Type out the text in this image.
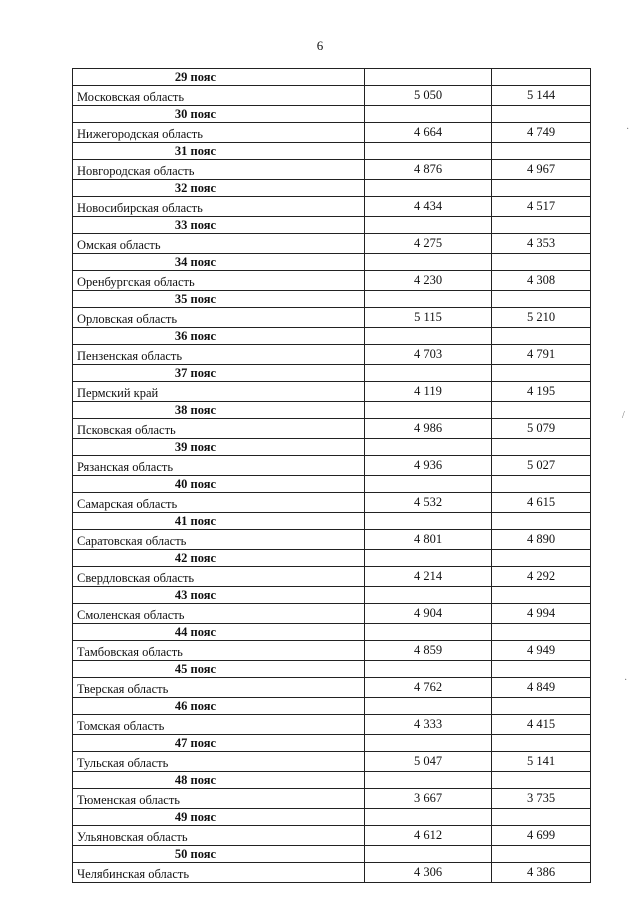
6
29 пояс		
Московская область	5 050	5 144
30 пояс		
Нижегородская область	4 664	4 749
31 пояс		
Новгородская область	4 876	4 967
32 пояс		
Новосибирская область	4 434	4 517
33 пояс		
Омская область	4 275	4 353
34 пояс		
Оренбургская область	4 230	4 308
35 пояс		
Орловская область	5 115	5 210
36 пояс		
Пензенская область	4 703	4 791
37 пояс		
Пермский край	4 119	4 195
38 пояс		
Псковская область	4 986	5 079
39 пояс		
Рязанская область	4 936	5 027
40 пояс		
Самарская область	4 532	4 615
41 пояс		
Саратовская область	4 801	4 890
42 пояс		
Свердловская область	4 214	4 292
43 пояс		
Смоленская область	4 904	4 994
44 пояс		
Тамбовская область	4 859	4 949
45 пояс		
Тверская область	4 762	4 849
46 пояс		
Томская область	4 333	4 415
47 пояс		
Тульская область	5 047	5 141
48 пояс		
Тюменская область	3 667	3 735
49 пояс		
Ульяновская область	4 612	4 699
50 пояс		
Челябинская область	4 306	4 386
·
/
·
